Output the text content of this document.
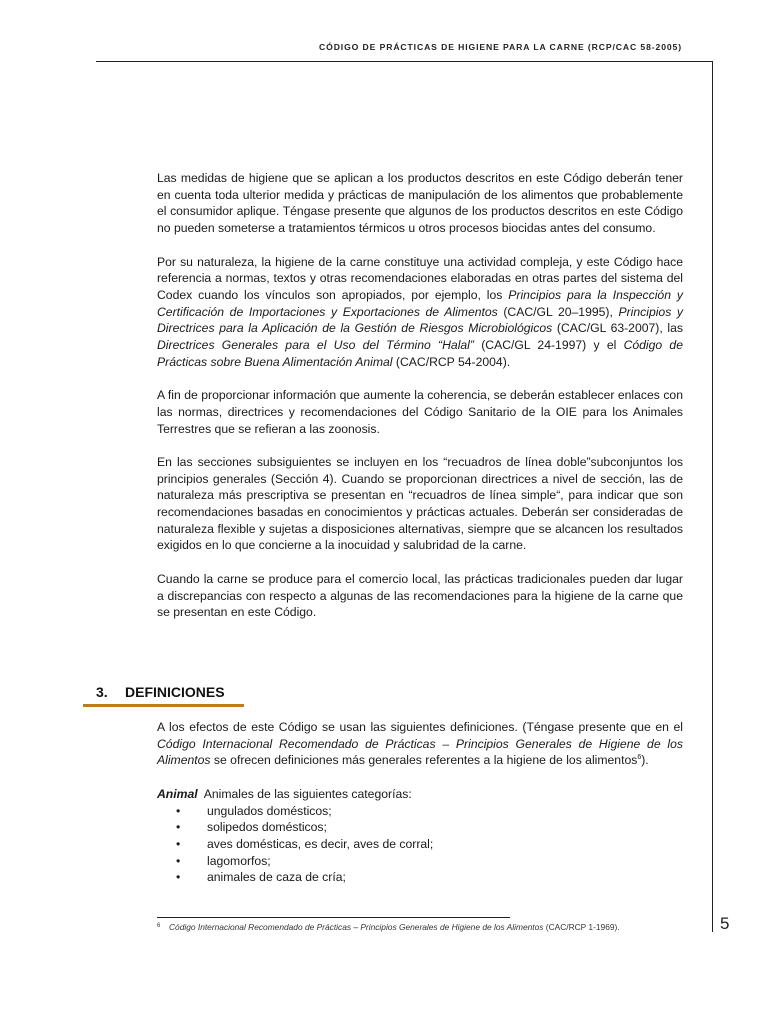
CÓDIGO DE PRÁCTICAS DE HIGIENE PARA LA CARNE (RCP/CAC 58-2005)

Las medidas de higiene que se aplican a los productos descritos en este Código deberán tener en cuenta toda ulterior medida y prácticas de manipulación de los alimentos que probablemente el consumidor aplique. Téngase presente que algunos de los productos descritos en este Código no pueden someterse a tratamientos térmicos u otros procesos biocidas antes del consumo.

Por su naturaleza, la higiene de la carne constituye una actividad compleja, y este Código hace referencia a normas, textos y otras recomendaciones elaboradas en otras partes del sistema del Codex cuando los vínculos son apropiados, por ejemplo, los Principios para la Inspección y Certificación de Importaciones y Exportaciones de Alimentos (CAC/GL 20–1995), Principios y Directrices para la Aplicación de la Gestión de Riesgos Microbiológicos (CAC/GL 63-2007), las Directrices Generales para el Uso del Término “Halal” (CAC/GL 24-1997) y el Código de Prácticas sobre Buena Alimentación Animal (CAC/RCP 54-2004).

A fin de proporcionar información que aumente la coherencia, se deberán establecer enlaces con las normas, directrices y recomendaciones del Código Sanitario de la OIE para los Animales Terrestres que se refieran a las zoonosis.

En las secciones subsiguientes se incluyen en los “recuadros de línea doble”subconjuntos los principios generales (Sección 4). Cuando se proporcionan directrices a nivel de sección, las de naturaleza más prescriptiva se presentan en “recuadros de línea simple“, para indicar que son recomendaciones basadas en conocimientos y prácticas actuales. Deberán ser consideradas de naturaleza flexible y sujetas a disposiciones alternativas, siempre que se alcancen los resultados exigidos en lo que concierne a la inocuidad y salubridad de la carne.

Cuando la carne se produce para el comercio local, las prácticas tradicionales pueden dar lugar a discrepancias con respecto a algunas de las recomendaciones para la higiene de la carne que se presentan en este Código.

3. DEFINICIONES

A los efectos de este Código se usan las siguientes definiciones. (Téngase presente que en el Código Internacional Recomendado de Prácticas – Principios Generales de Higiene de los Alimentos se ofrecen definiciones más generales referentes a la higiene de los alimentos$^6$).

Animal  Animales de las siguientes categorías:
• ungulados domésticos;
• solipedos domésticos;
• aves domésticas, es decir, aves de corral;
• lagomorfos;
• animales de caza de cría;
6 Código Internacional Recomendado de Prácticas – Principios Generales de Higiene de los Alimentos (CAC/RCP 1-1969).	5
